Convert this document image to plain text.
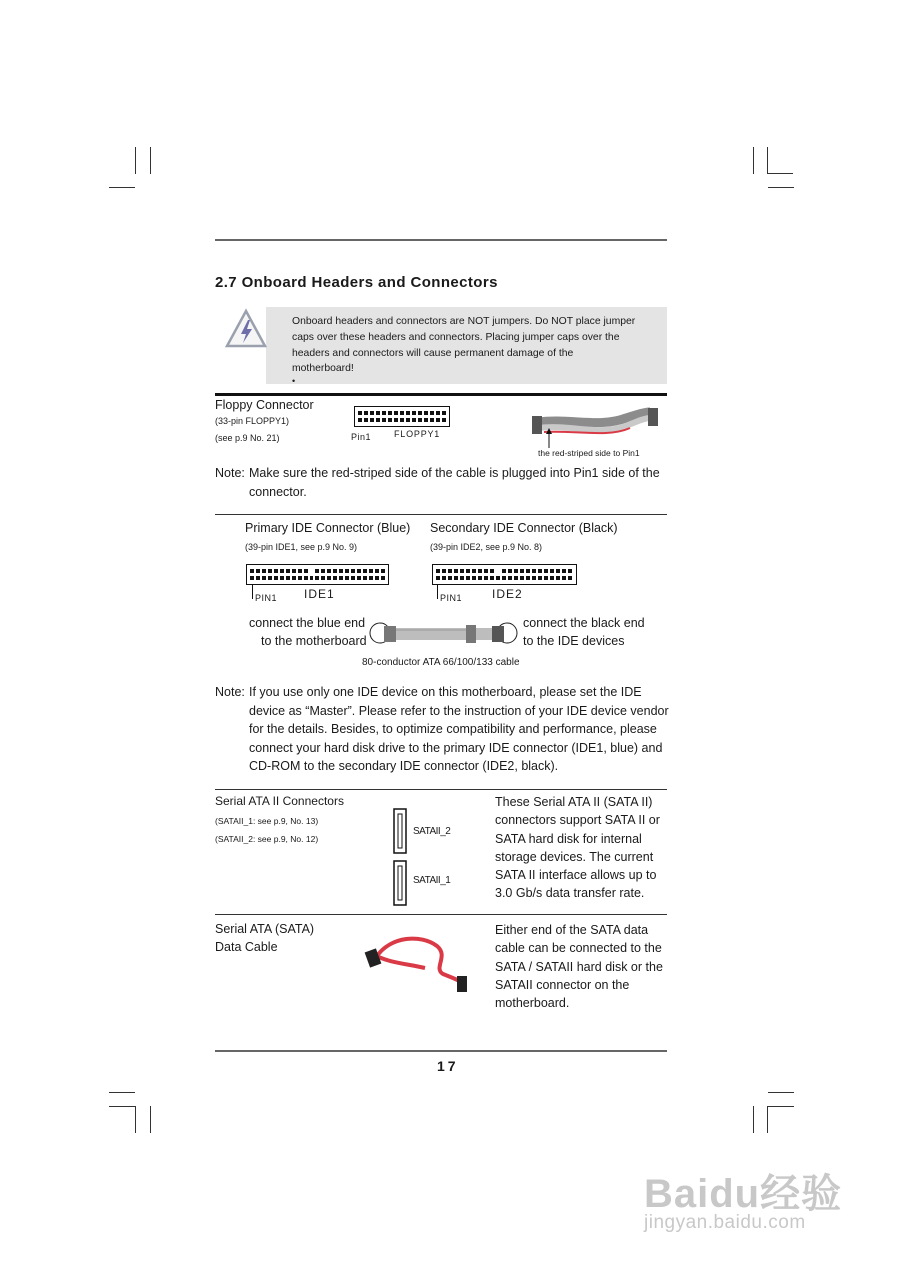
2.7 Onboard Headers and Connectors
Onboard headers and connectors are NOT jumpers. Do NOT place jumper caps over these headers and connectors. Placing jumper caps over the headers and connectors will cause permanent damage of the motherboard!
•
Floppy Connector
(33-pin FLOPPY1)
(see p.9 No. 21)	Pin1	FLOPPY1
the red-striped side to Pin1
Note: Make sure the red-striped side of the cable is plugged into Pin1 side of the connector.
Primary IDE Connector (Blue)
(39-pin IDE1, see p.9 No. 9)
Secondary IDE Connector (Black)
(39-pin IDE2, see p.9 No. 8)
PIN1 IDE1	PIN1 IDE2
connect the blue end
to the motherboard
connect the black end
to the IDE devices
80-conductor ATA 66/100/133 cable
Note: If you use only one IDE device on this motherboard, please set the IDE device as “Master”. Please refer to the instruction of your IDE device vendor for the details. Besides, to optimize compatibility and performance, please connect your hard disk drive to the primary IDE connector (IDE1, blue) and CD-ROM to the secondary IDE connector (IDE2, black).
Serial ATA II Connectors
(SATAII_1: see p.9, No. 13)
(SATAII_2: see p.9, No. 12)
SATAII_2
SATAII_1
These Serial ATA II (SATA II) connectors support SATA II or SATA hard disk for internal storage devices. The current SATA II interface allows up to 3.0 Gb/s data transfer rate.
Serial ATA (SATA)
Data Cable
Either end of the SATA data cable can be connected to the SATA / SATAII hard disk or the SATAII connector on the motherboard.
17
Baidu经验
jingyan.baidu.com
